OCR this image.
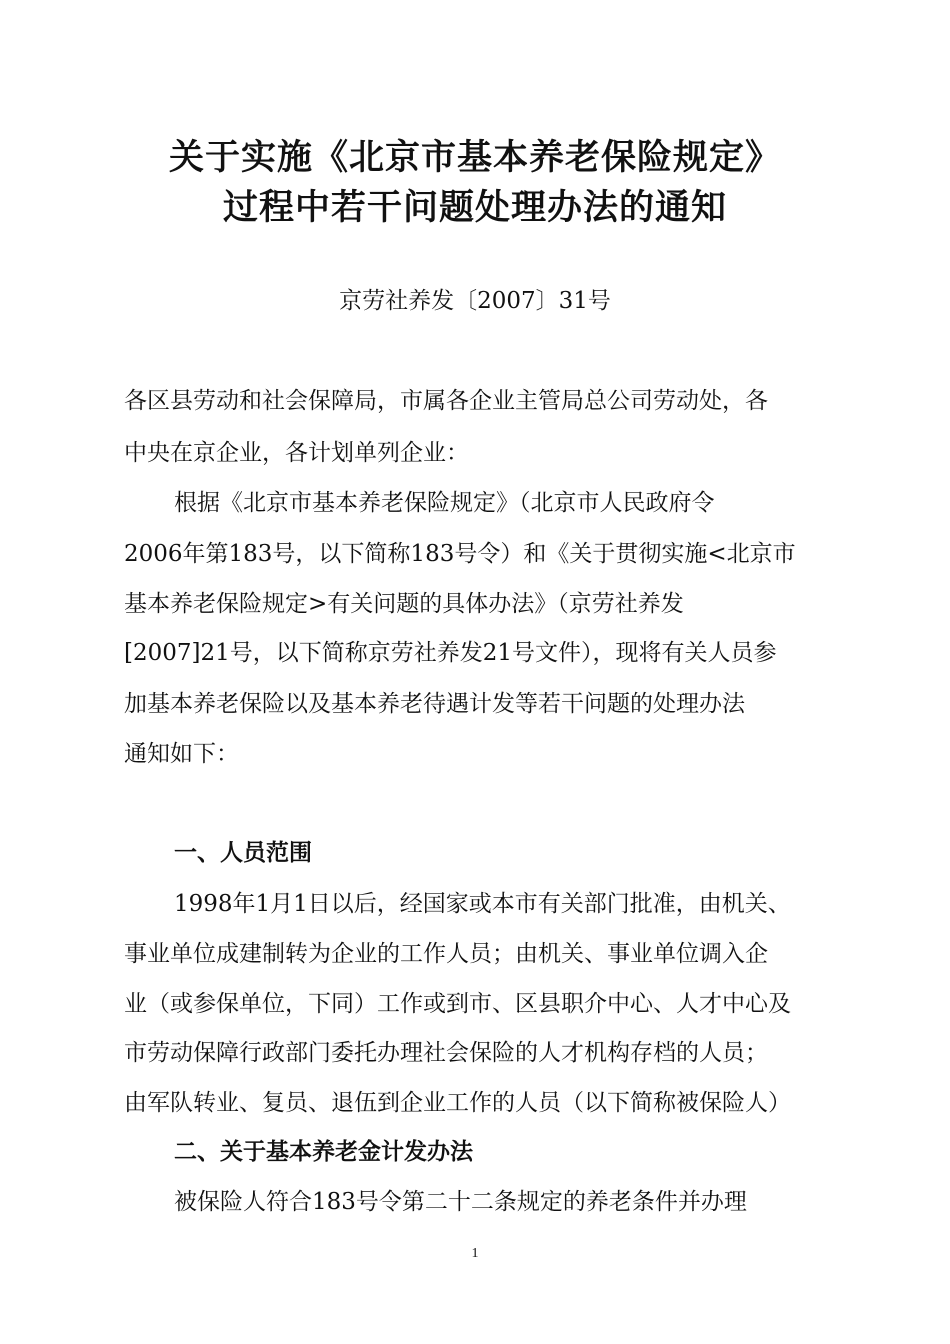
关于实施《北京市基本养老保险规定》
过程中若干问题处理办法的通知
京劳社养发〔2007〕31号
各区县劳动和社会保障局，市属各企业主管局总公司劳动处，各
中央在京企业，各计划单列企业：
根据《北京市基本养老保险规定》（北京市人民政府令
2006年第183号，以下简称183号令）和《关于贯彻实施<北京市
基本养老保险规定>有关问题的具体办法》（京劳社养发
[2007]21号，以下简称京劳社养发21号文件），现将有关人员参
加基本养老保险以及基本养老待遇计发等若干问题的处理办法
通知如下：
一、人员范围
1998年1月1日以后，经国家或本市有关部门批准，由机关、
事业单位成建制转为企业的工作人员；由机关、事业单位调入企
业（或参保单位，下同）工作或到市、区县职介中心、人才中心及
市劳动保障行政部门委托办理社会保险的人才机构存档的人员；
由军队转业、复员、退伍到企业工作的人员（以下简称被保险人）
二、关于基本养老金计发办法
被保险人符合183号令第二十二条规定的养老条件并办理
1
